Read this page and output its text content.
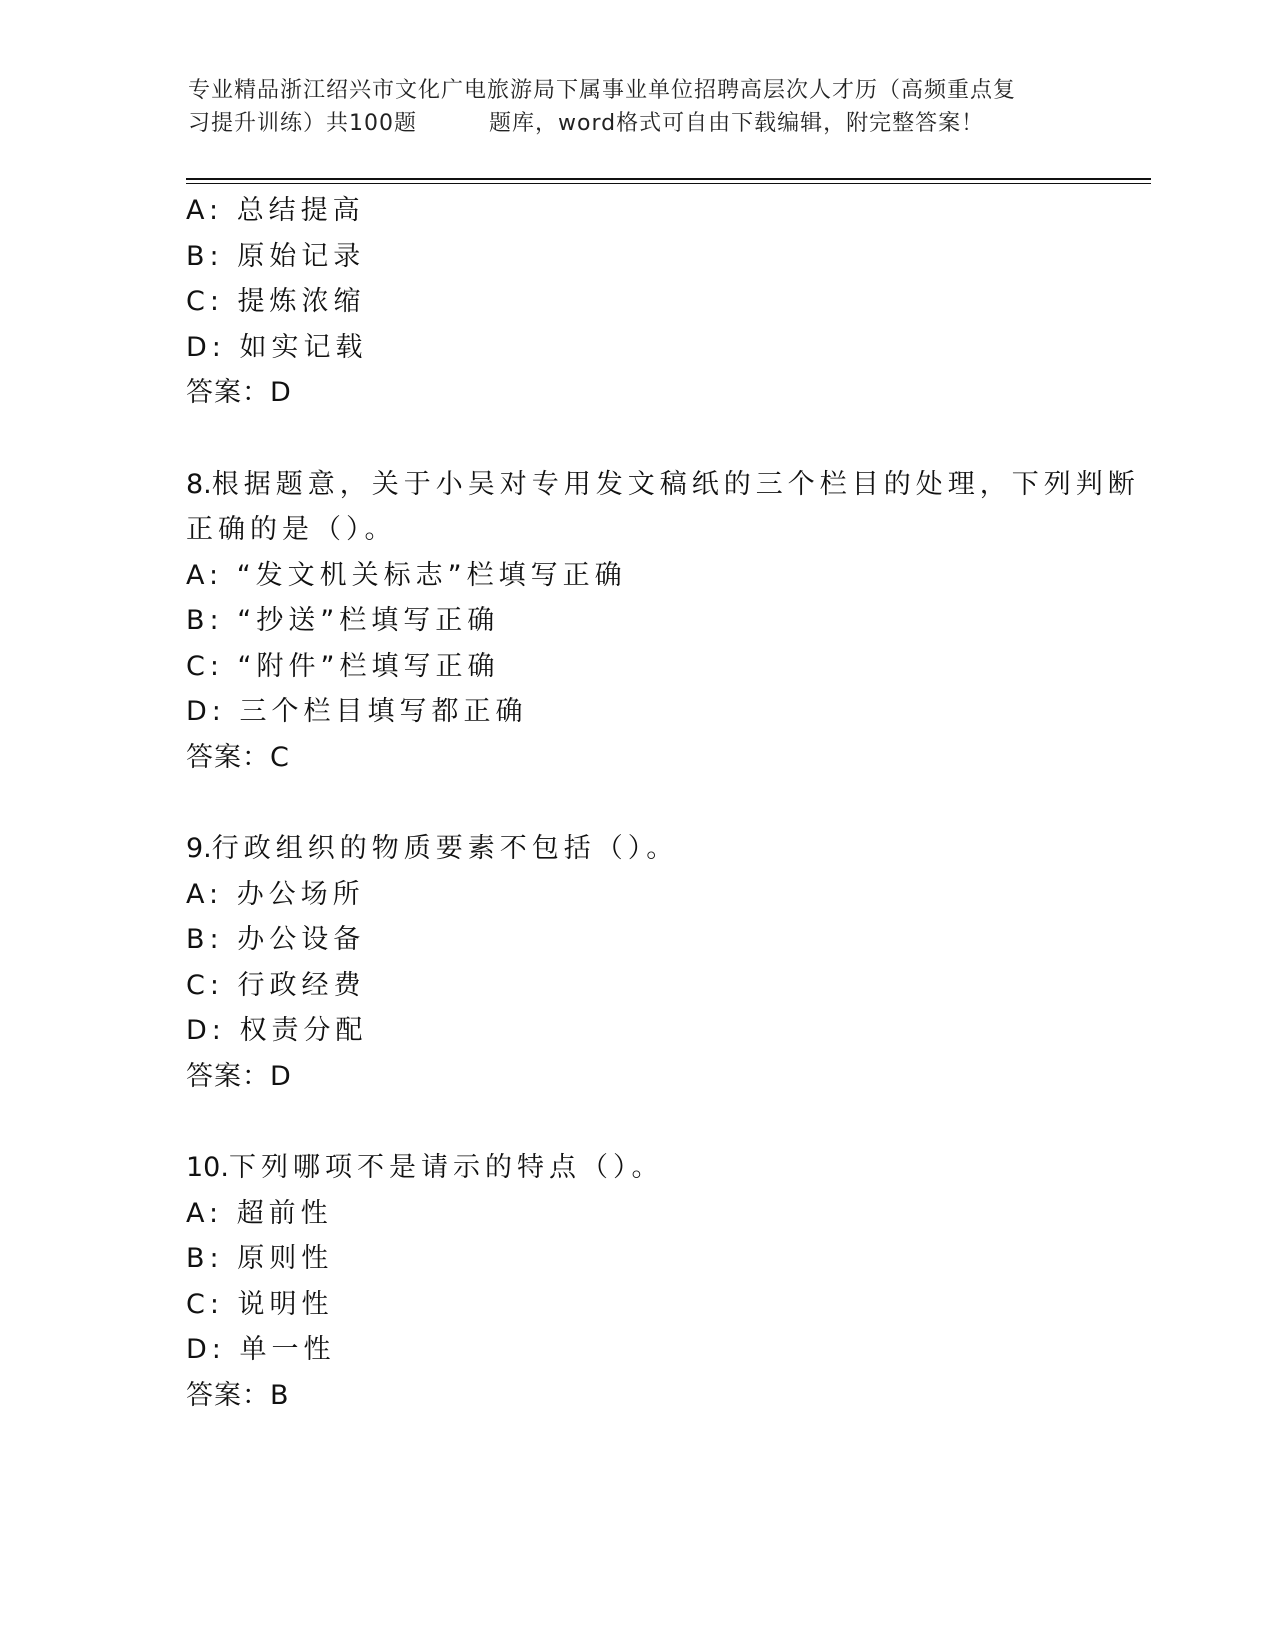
专业精品浙江绍兴市文化广电旅游局下属事业单位招聘高层次人才历（高频重点复
习提升训练）共100题	题库，word格式可自由下载编辑，附完整答案！
A: 总结提高
B: 原始记录
C: 提炼浓缩
D: 如实记载
答案：D
8.根据题意，关于小吴对专用发文稿纸的三个栏目的处理，下列判断
正确的是（）。
A: “发文机关标志”栏填写正确
B: “抄送”栏填写正确
C: “附件”栏填写正确
D: 三个栏目填写都正确
答案：C
9.行政组织的物质要素不包括（）。
A: 办公场所
B: 办公设备
C: 行政经费
D: 权责分配
答案：D
10.下列哪项不是请示的特点（）。
A: 超前性
B: 原则性
C: 说明性
D: 单一性
答案：B
